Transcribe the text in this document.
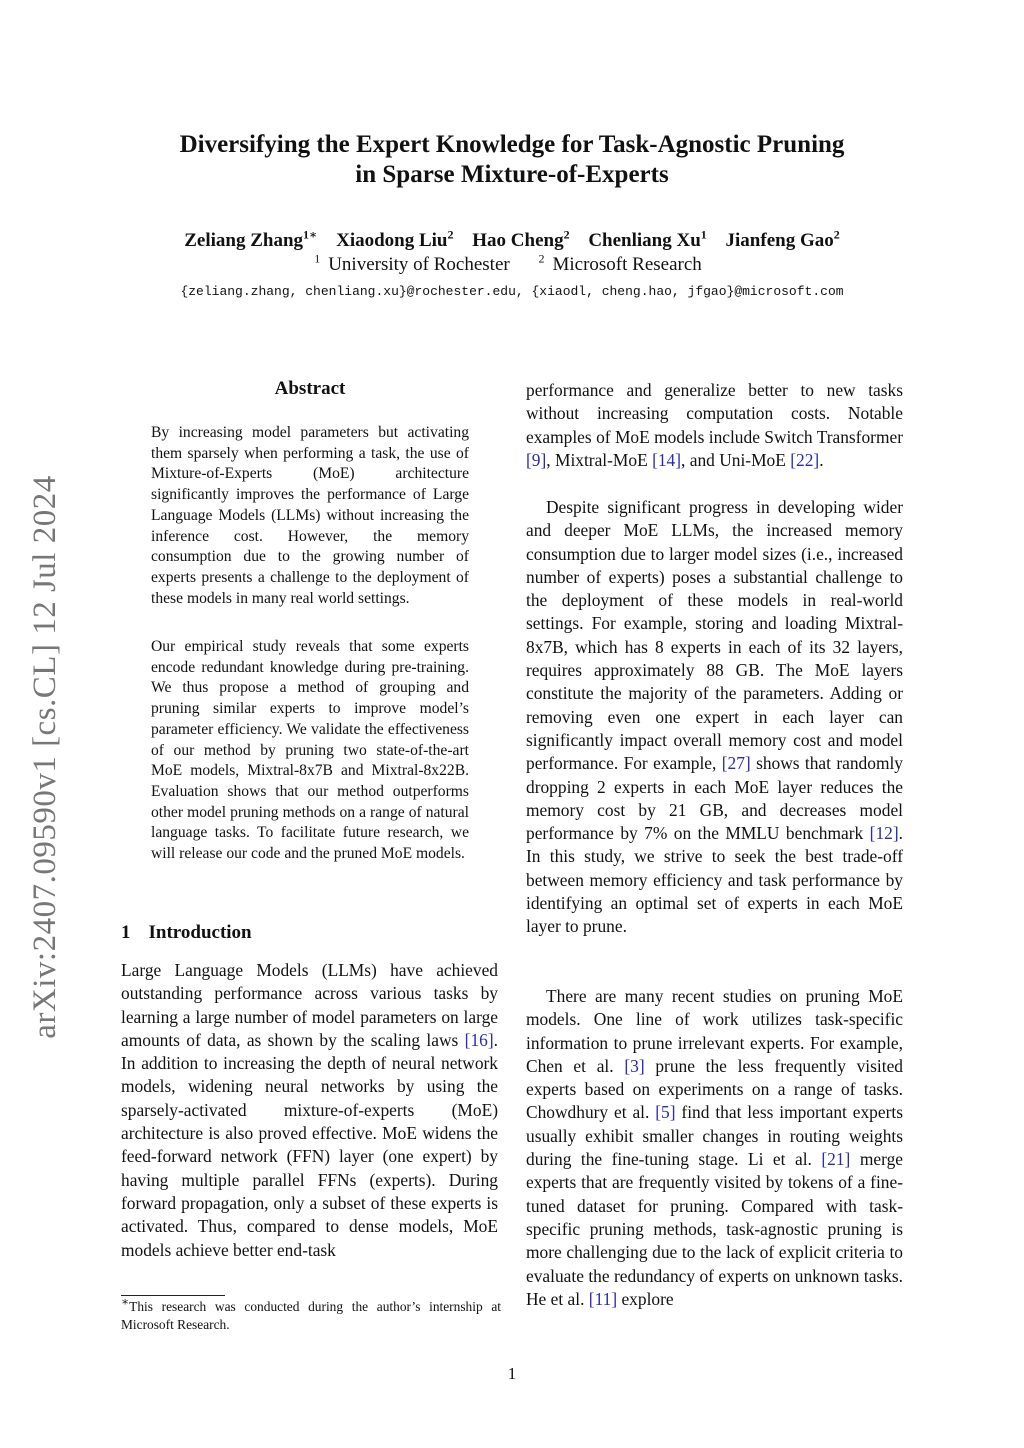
arXiv:2407.09590v1 [cs.CL] 12 Jul 2024
Diversifying the Expert Knowledge for Task-Agnostic Pruning
in Sparse Mixture-of-Experts
Zeliang Zhang$^{1∗}$ Xiaodong Liu$^2$ Hao Cheng$^2$ Chenliang Xu$^1$ Jianfeng Gao$^2$
$^1$ University of Rochester $^2$ Microsoft Research
{zeliang.zhang, chenliang.xu}@rochester.edu, {xiaodl, cheng.hao, jfgao}@microsoft.com
Abstract
By increasing model parameters but activating them sparsely when performing a task, the use of Mixture-of-Experts (MoE) architecture significantly improves the performance of Large Language Models (LLMs) without increasing the inference cost. However, the memory consumption due to the growing number of experts presents a challenge to the deployment of these models in many real world settings.
Our empirical study reveals that some experts encode redundant knowledge during pre-training. We thus propose a method of grouping and pruning similar experts to improve model’s parameter efficiency. We validate the effectiveness of our method by pruning two state-of-the-art MoE models, Mixtral-8x7B and Mixtral-8x22B. Evaluation shows that our method outperforms other model pruning methods on a range of natural language tasks. To facilitate future research, we will release our code and the pruned MoE models.
1 Introduction
Large Language Models (LLMs) have achieved outstanding performance across various tasks by learning a large number of model parameters on large amounts of data, as shown by the scaling laws [16]. In addition to increasing the depth of neural network models, widening neural networks by using the sparsely-activated mixture-of-experts (MoE) architecture is also proved effective. MoE widens the feed-forward network (FFN) layer (one expert) by having multiple parallel FFNs (experts). During forward propagation, only a subset of these experts is activated. Thus, compared to dense models, MoE models achieve better end-task
performance and generalize better to new tasks without increasing computation costs. Notable examples of MoE models include Switch Transformer [9], Mixtral-MoE [14], and Uni-MoE [22].
Despite significant progress in developing wider and deeper MoE LLMs, the increased memory consumption due to larger model sizes (i.e., increased number of experts) poses a substantial challenge to the deployment of these models in real-world settings. For example, storing and loading Mixtral-8x7B, which has 8 experts in each of its 32 layers, requires approximately 88 GB. The MoE layers constitute the majority of the parameters. Adding or removing even one expert in each layer can significantly impact overall memory cost and model performance. For example, [27] shows that randomly dropping 2 experts in each MoE layer reduces the memory cost by 21 GB, and decreases model performance by 7% on the MMLU benchmark [12]. In this study, we strive to seek the best trade-off between memory efficiency and task performance by identifying an optimal set of experts in each MoE layer to prune.
There are many recent studies on pruning MoE models. One line of work utilizes task-specific information to prune irrelevant experts. For example, Chen et al. [3] prune the less frequently visited experts based on experiments on a range of tasks. Chowdhury et al. [5] find that less important experts usually exhibit smaller changes in routing weights during the fine-tuning stage. Li et al. [21] merge experts that are frequently visited by tokens of a fine-tuned dataset for pruning. Compared with task-specific pruning methods, task-agnostic pruning is more challenging due to the lack of explicit criteria to evaluate the redundancy of experts on unknown tasks. He et al. [11] explore
∗This research was conducted during the author’s internship at Microsoft Research.
1
